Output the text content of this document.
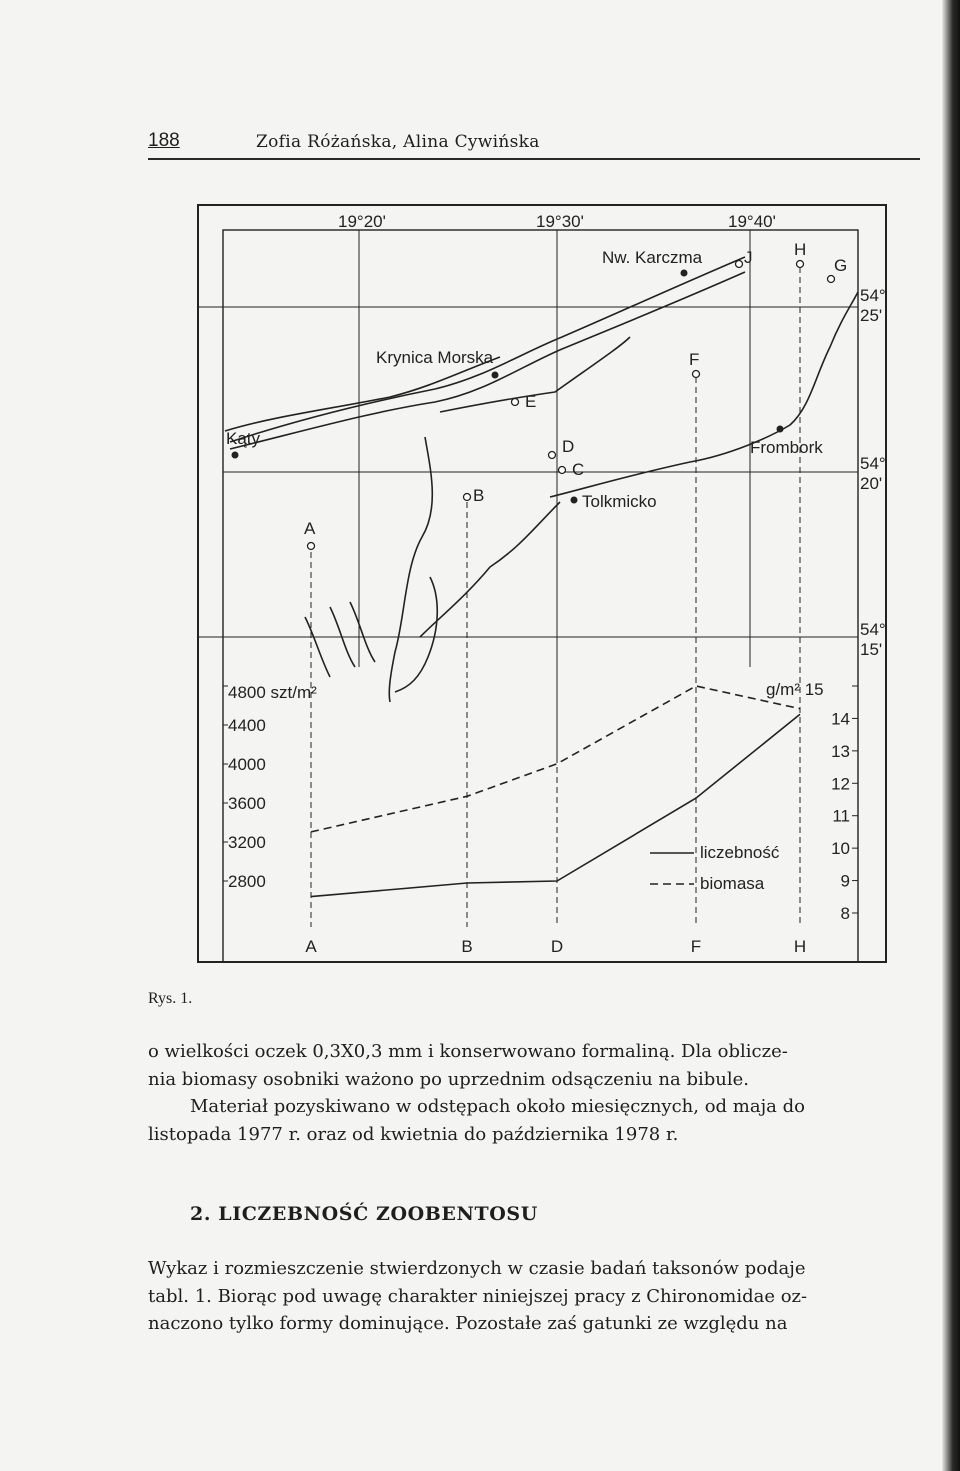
188	Zofia Różańska, Alina Cywińska
19°20'	19°30'	19°40'
54°
25'
54°
20'
54°
15'
Nw. Karczma
Krynica Morska
Kąty	Frombork
Tolkmicko
A
B
C
D
E
F
G
H
J
4800 szt/m²	g/m² 15
liczebność
biomasa
4400
4000
3600
3200
2800
14
13
12
11
10
9
8
A	B	D	F	H
Rys. 1.
o wielkości oczek 0,3X0,3 mm i konserwowano formaliną. Dla oblicze-
nia biomasy osobniki ważono po uprzednim odsączeniu na bibule.
Materiał pozyskiwano w odstępach około miesięcznych, od maja do
listopada 1977 r. oraz od kwietnia do października 1978 r.
2. LICZEBNOŚĆ ZOOBENTOSU
Wykaz i rozmieszczenie stwierdzonych w czasie badań taksonów podaje
tabl. 1. Biorąc pod uwagę charakter niniejszej pracy z Chironomidae oz-
naczono tylko formy dominujące. Pozostałe zaś gatunki ze względu na
